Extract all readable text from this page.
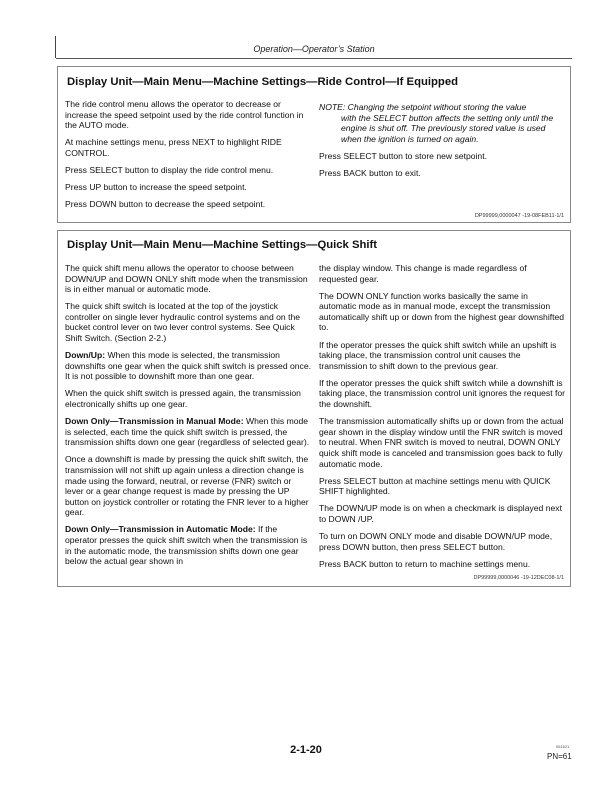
Operation—Operator’s Station
Display Unit—Main Menu—Machine Settings—Ride Control—If Equipped

The ride control menu allows the operator to decrease or increase the speed setpoint used by the ride control function in the AUTO mode.

At machine settings menu, press NEXT to highlight RIDE CONTROL.

Press SELECT button to display the ride control menu.

Press UP button to increase the speed setpoint.

Press DOWN button to decrease the speed setpoint.

NOTE: Changing the setpoint without storing the value
with the SELECT button affects the setting only until the engine is shut off. The previously stored value is used when the ignition is turned on again.

Press SELECT button to store new setpoint.

Press BACK button to exit.

DP99999,0000047 -19-08FEB11-1/1
Display Unit—Main Menu—Machine Settings—Quick Shift

The quick shift menu allows the operator to choose between DOWN/UP and DOWN ONLY shift mode when the transmission is in either manual or automatic mode.

The quick shift switch is located at the top of the joystick controller on single lever hydraulic control systems and on the bucket control lever on two lever control systems. See Quick Shift Switch. (Section 2-2.)

Down/Up: When this mode is selected, the transmission downshifts one gear when the quick shift switch is pressed once. It is not possible to downshift more than one gear.

When the quick shift switch is pressed again, the transmission electronically shifts up one gear.

Down Only—Transmission in Manual Mode: When this mode is selected, each time the quick shift switch is pressed, the transmission shifts down one gear (regardless of selected gear).

Once a downshift is made by pressing the quick shift switch, the transmission will not shift up again unless a direction change is made using the forward, neutral, or reverse (FNR) switch or lever or a gear change request is made by pressing the UP button on joystick controller or rotating the FNR lever to a higher gear.

Down Only—Transmission in Automatic Mode: If the operator presses the quick shift switch when the transmission is in the automatic mode, the transmission shifts down one gear below the actual gear shown in

the display window. This change is made regardless of requested gear.

The DOWN ONLY function works basically the same in automatic mode as in manual mode, except the transmission automatically shift up or down from the highest gear downshifted to.

If the operator presses the quick shift switch while an upshift is taking place, the transmission control unit causes the transmission to shift down to the previous gear.

If the operator presses the quick shift switch while a downshift is taking place, the transmission control unit ignores the request for the downshift.

The transmission automatically shifts up or down from the actual gear shown in the display window until the FNR switch is moved to neutral. When FNR switch is moved to neutral, DOWN ONLY quick shift mode is canceled and transmission goes back to fully automatic mode.

Press SELECT button at machine settings menu with QUICK SHIFT highlighted.

The DOWN/UP mode is on when a checkmark is displayed next to DOWN /UP.

To turn on DOWN ONLY mode and disable DOWN/UP mode, press DOWN button, then press SELECT button.

Press BACK button to return to machine settings menu.

DP99999,0000046 -19-12DEC08-1/1
2-1-20	061621
PN=61
